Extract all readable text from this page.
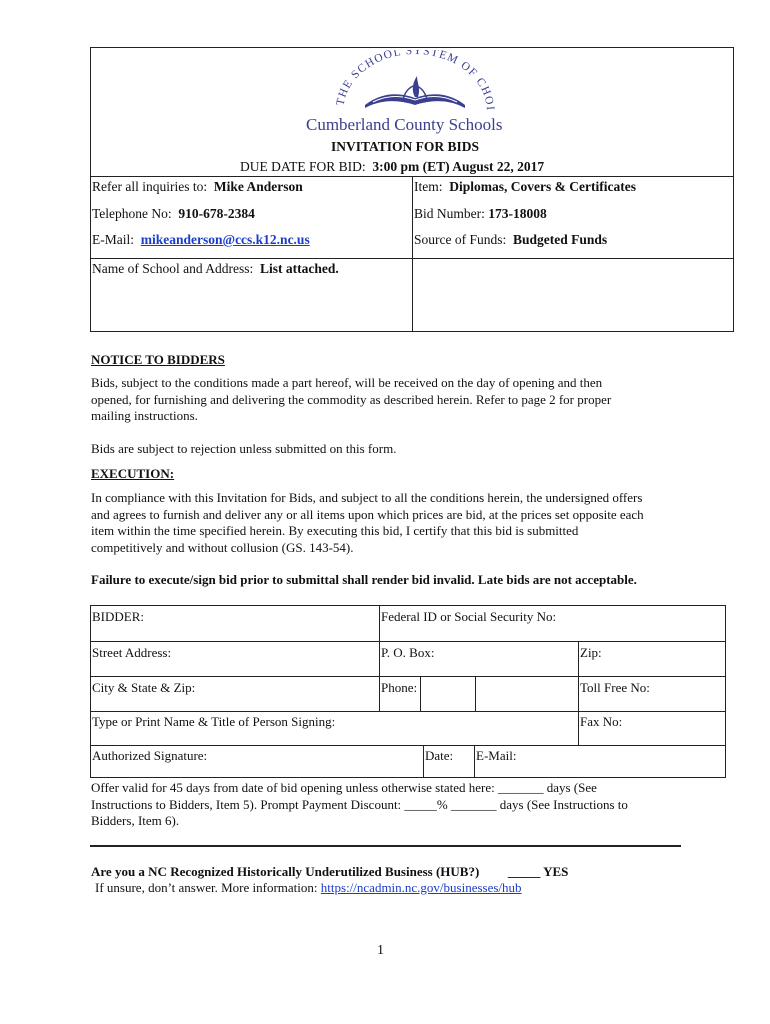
THE SCHOOL SYSTEM OF CHOI
Cumberland County Schools
INVITATION FOR BIDS
DUE DATE FOR BID: 3:00 pm (ET) August 22, 2017
Refer all inquiries to: Mike Anderson	Item: Diplomas, Covers & Certificates
Telephone No: 910-678-2384	Bid Number: 173-18008
E-Mail: mikeanderson@ccs.k12.nc.us	Source of Funds: Budgeted Funds
Name of School and Address: List attached.
NOTICE TO BIDDERS
Bids, subject to the conditions made a part hereof, will be received on the day of opening and then
opened, for furnishing and delivering the commodity as described herein. Refer to page 2 for proper
mailing instructions.
Bids are subject to rejection unless submitted on this form.
EXECUTION:
In compliance with this Invitation for Bids, and subject to all the conditions herein, the undersigned offers
and agrees to furnish and deliver any or all items upon which prices are bid, at the prices set opposite each
item within the time specified herein. By executing this bid, I certify that this bid is submitted
competitively and without collusion (GS. 143-54).
Failure to execute/sign bid prior to submittal shall render bid invalid. Late bids are not acceptable.
BIDDER:	Federal ID or Social Security No:
Street Address:	P. O. Box:	Zip:
City & State & Zip:	Phone:	Toll Free No:
Type or Print Name & Title of Person Signing:	Fax No:
Authorized Signature:	Date: E-Mail:
Offer valid for 45 days from date of bid opening unless otherwise stated here: _______ days (See
Instructions to Bidders, Item 5). Prompt Payment Discount: _____% _______ days (See Instructions to
Bidders, Item 6).
Are you a NC Recognized Historically Underutilized Business (HUB?) _____ YES
If unsure, don’t answer. More information: https://ncadmin.nc.gov/businesses/hub
1
